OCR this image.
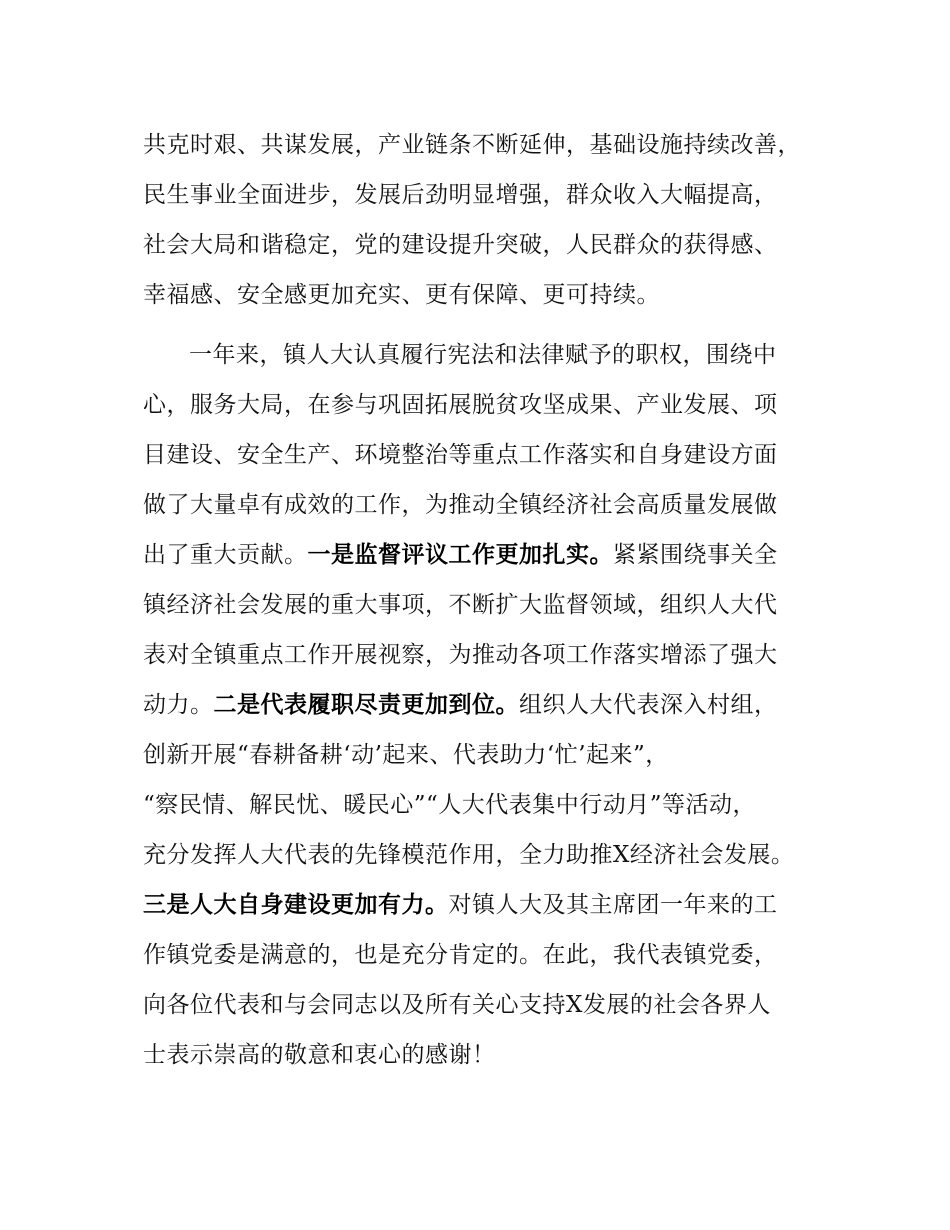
共克时艰、共谋发展，产业链条不断延伸，基础设施持续改善，
民生事业全面进步，发展后劲明显增强，群众收入大幅提高，
社会大局和谐稳定，党的建设提升突破，人民群众的获得感、
幸福感、安全感更加充实、更有保障、更可持续。
一年来，镇人大认真履行宪法和法律赋予的职权，围绕中
心，服务大局，在参与巩固拓展脱贫攻坚成果、产业发展、项
目建设、安全生产、环境整治等重点工作落实和自身建设方面
做了大量卓有成效的工作，为推动全镇经济社会高质量发展做
出了重大贡献。一是监督评议工作更加扎实。紧紧围绕事关全
镇经济社会发展的重大事项，不断扩大监督领域，组织人大代
表对全镇重点工作开展视察，为推动各项工作落实增添了强大
动力。二是代表履职尽责更加到位。组织人大代表深入村组，
创新开展“春耕备耕‘动’起来、代表助力‘忙’起来”，
“察民情、解民忧、暖民心”“人大代表集中行动月”等活动，
充分发挥人大代表的先锋模范作用，全力助推X经济社会发展。
三是人大自身建设更加有力。对镇人大及其主席团一年来的工
作镇党委是满意的，也是充分肯定的。在此，我代表镇党委，
向各位代表和与会同志以及所有关心支持X发展的社会各界人
士表示崇高的敬意和衷心的感谢！
